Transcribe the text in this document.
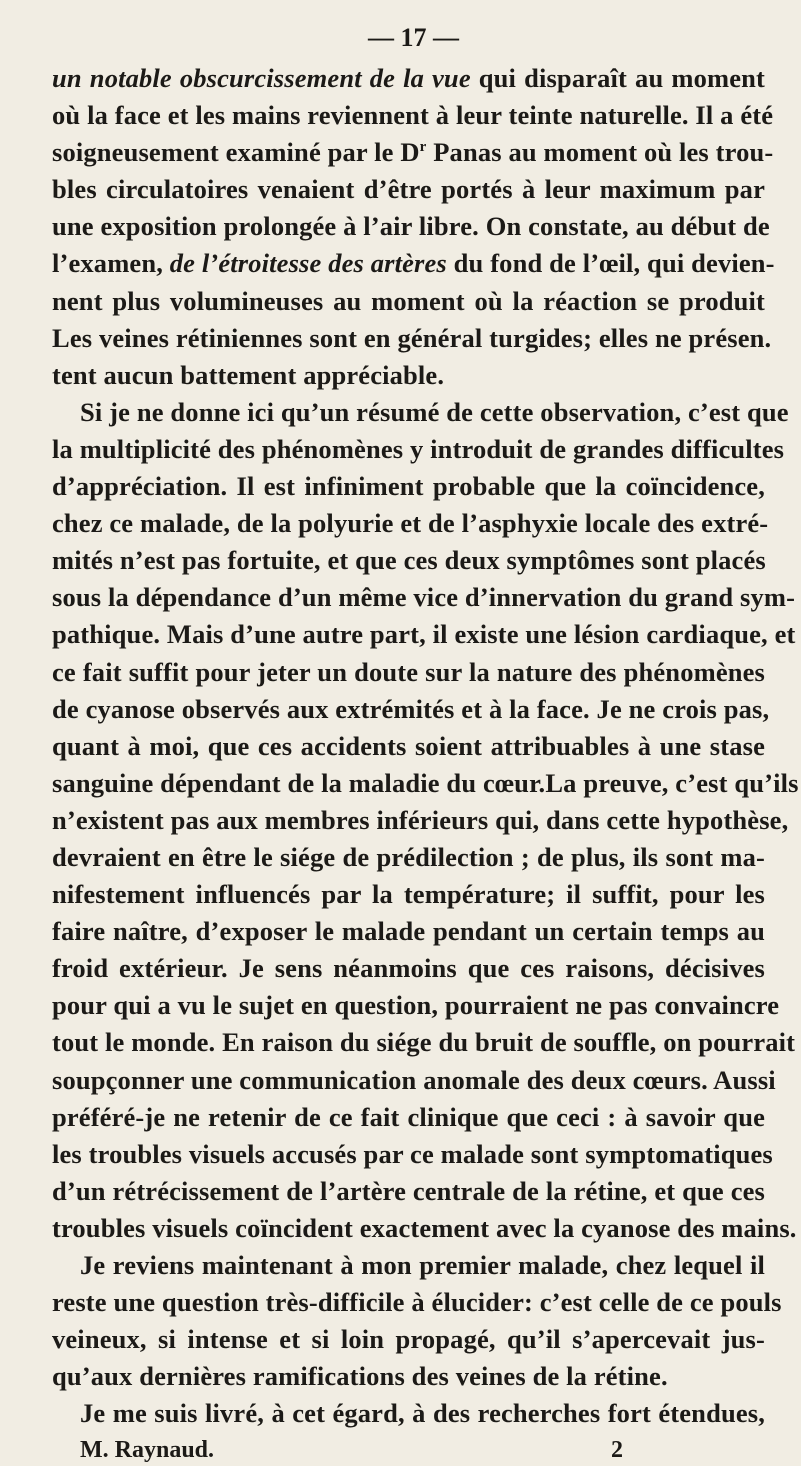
— 17 —
un notable obscurcissement de la vue qui disparaît au moment
où la face et les mains reviennent à leur teinte naturelle. Il a été
soigneusement examiné par le $D^r$ Panas au moment où les trou-
bles circulatoires venaient d’être portés à leur maximum par
une exposition prolongée à l’air libre. On constate, au début de
l’examen, de l’étroitesse des artères du fond de l’œil, qui devien-
nent plus volumineuses au moment où la réaction se produit
Les veines rétiniennes sont en général turgides; elles ne présen.
tent aucun battement appréciable.
Si je ne donne ici qu’un résumé de cette observation, c’est que
la multiplicité des phénomènes y introduit de grandes difficultes
d’appréciation. Il est infiniment probable que la coïncidence,
chez ce malade, de la polyurie et de l’asphyxie locale des extré-
mités n’est pas fortuite, et que ces deux symptômes sont placés
sous la dépendance d’un même vice d’innervation du grand sym-
pathique. Mais d’une autre part, il existe une lésion cardiaque, et
ce fait suffit pour jeter un doute sur la nature des phénomènes
de cyanose observés aux extrémités et à la face. Je ne crois pas,
quant à moi, que ces accidents soient attribuables à une stase
sanguine dépendant de la maladie du cœur.La preuve, c’est qu’ils
n’existent pas aux membres inférieurs qui, dans cette hypothèse,
devraient en être le siége de prédilection ; de plus, ils sont ma-
nifestement influencés par la température; il suffit, pour les
faire naître, d’exposer le malade pendant un certain temps au
froid extérieur. Je sens néanmoins que ces raisons, décisives
pour qui a vu le sujet en question, pourraient ne pas convaincre
tout le monde. En raison du siége du bruit de souffle, on pourrait
soupçonner une communication anomale des deux cœurs. Aussi
préféré-je ne retenir de ce fait clinique que ceci : à savoir que
les troubles visuels accusés par ce malade sont symptomatiques
d’un rétrécissement de l’artère centrale de la rétine, et que ces
troubles visuels coïncident exactement avec la cyanose des mains.
Je reviens maintenant à mon premier malade, chez lequel il
reste une question très-difficile à élucider: c’est celle de ce pouls
veineux, si intense et si loin propagé, qu’il s’apercevait jus-
qu’aux dernières ramifications des veines de la rétine.
Je me suis livré, à cet égard, à des recherches fort étendues,
M. Raynaud.	2
